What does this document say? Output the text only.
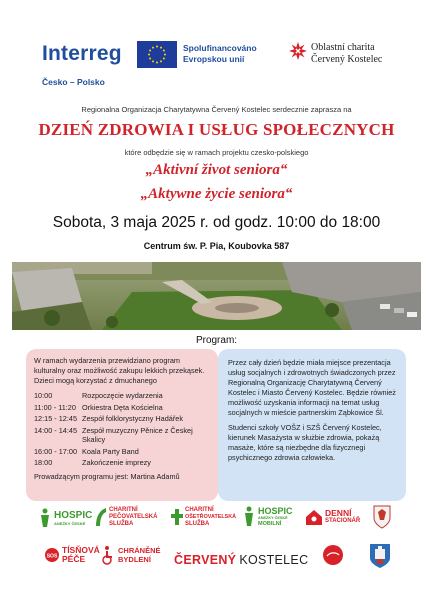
Interreg	Spolufinancováno
Evropskou unií
Česko – Polsko
Oblastní charita
Červený Kostelec
Regionalna Organizacja Charytatywna Červený Kostelec serdecznie zaprasza na
DZIEŃ ZDROWIA I USŁUG SPOŁECZNYCH
które odbędzie się w ramach projektu czesko-polskiego
„Aktivní život seniora“
„Aktywne życie seniora“
Sobota, 3 maja 2025 r. od godz. 10:00 do 18:00
Centrum św. P. Pia, Koubovka 587
Program:

W ramach wydarzenia przewidziano program kulturalny oraz możliwość zakupu lekkich przekąsek. Dzieci mogą korzystać z dmuchanego

10:00	Rozpoczęcie wydarzenia
11:00 - 11:20	Orkiestra Dęta Kościelna
12:15 - 12:45	Zespół folklorystyczny Hadářek
14:00 - 14:45	Zespół muzyczny Pěnice z Českej Skalicy
16:00 - 17:00	Koala Party Band
18:00	Zakończenie imprezy
Prowadzącym programu jest: Martina Adamů

Przez cały dzień będzie miała miejsce prezentacja usług socjalnych i zdrowotnych świadczonych przez Regionalną Organizację Charytatywną Červený Kostelec i Miasto Červený Kostelec. Będzie również możliwość uzyskania informacji na temat usług socjalnych w mieście partnerskim Ząbkowice Śl.

Studenci szkoły VOŠZ i SZŠ Červený Kostelec, kierunek Masażysta w służbie zdrowia, pokażą masaże, które są niezbędne dla fizycznegi psychicznego zdrowia człowieka.

HOSPIC
ANEŽKY ČESKÉ
CHARITNÍ
PEČOVATELSKÁ
SLUŽBA
CHARITNÍ
OŠETŘOVATELSKÁ
SLUŽBA
HOSPIC
ANEŽKY ČESKÉ
MOBILNÍ
DENNÍ
STACIONÁŘ
SOS
TÍSŇOVÁ
PÉČE
CHRÁNĚNÉ
BYDLENÍ	ČERVENÝ KOSTELEC
